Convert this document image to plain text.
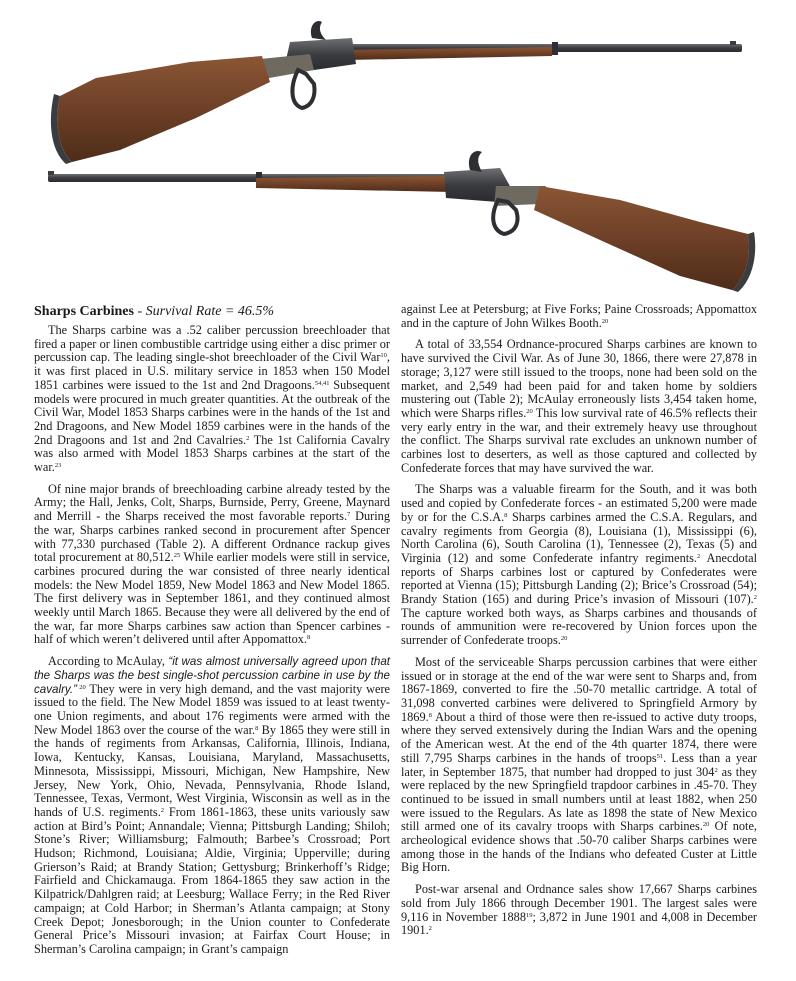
Sharps Carbines - Survival Rate = 46.5%

The Sharps carbine was a .52 caliber percussion breechloader that fired a paper or linen combustible cartridge using either a disc primer or percussion cap. The leading single-shot breechloader of the Civil War$^{10}$, it was first placed in U.S. military service in 1853 when 150 Model 1851 carbines were issued to the 1st and 2nd Dragoons.$^{54,41}$ Subsequent models were procured in much greater quantities. At the outbreak of the Civil War, Model 1853 Sharps carbines were in the hands of the 1st and 2nd Dragoons, and New Model 1859 carbines were in the hands of the 2nd Dragoons and 1st and 2nd Cavalries.$^2$ The 1st California Cavalry was also armed with Model 1853 Sharps carbines at the start of the war.$^{23}$

Of nine major brands of breechloading carbine already tested by the Army; the Hall, Jenks, Colt, Sharps, Burnside, Perry, Greene, Maynard and Merrill - the Sharps received the most favorable reports.$^7$ During the war, Sharps carbines ranked second in procurement after Spencer with 77,330 purchased (Table 2). A different Ordnance rackup gives total procurement at 80,512.25 While earlier models were still in service, carbines procured during the war consisted of three nearly identical models: the New Model 1859, New Model 1863 and New Model 1865. The first delivery was in September 1861, and they continued almost weekly until March 1865. Because they were all delivered by the end of the war, far more Sharps carbines saw action than Spencer carbines - half of which weren’t delivered until after Appomattox.$^8$

According to McAulay, “it was almost universally agreed upon that the Sharps was the best single-shot percussion carbine in use by the cavalry.” $^{20}$ They were in very high demand, and the vast majority were issued to the field. The New Model 1859 was issued to at least twenty-one Union regiments, and about 176 regiments were armed with the New Model 1863 over the course of the war.$^8$ By 1865 they were still in the hands of regiments from Arkansas, California, Illinois, Indiana, Iowa, Kentucky, Kansas, Louisiana, Maryland, Massachusetts, Minnesota, Mississippi, Missouri, Michigan, New Hampshire, New Jersey, New York, Ohio, Nevada, Pennsylvania, Rhode Island, Tennessee, Texas, Vermont, West Virginia, Wisconsin as well as in the hands of U.S. regiments.$^2$ From 1861-1863, these units variously saw action at Bird’s Point; Annandale; Vienna; Pittsburgh Landing; Shiloh; Stone’s River; Williamsburg; Falmouth; Barbee’s Crossroad; Port Hudson; Richmond, Louisiana; Aldie, Virginia; Upperville; during Grierson’s Raid; at Brandy Station; Gettysburg; Brinkerhoff’s Ridge; Fairfield and Chickamauga. From 1864-1865 they saw action in the Kilpatrick/Dahlgren raid; at Leesburg; Wallace Ferry; in the Red River campaign; at Cold Harbor; in Sherman’s Atlanta campaign; at Stony Creek Depot; Jonesborough; in the Union counter to Confederate General Price’s Missouri invasion; at Fairfax Court House; in Sherman’s Carolina campaign; in Grant’s campaign

against Lee at Petersburg; at Five Forks; Paine Crossroads; Appomattox and in the capture of John Wilkes Booth.$^{20}$

A total of 33,554 Ordnance-procured Sharps carbines are known to have survived the Civil War. As of June 30, 1866, there were 27,878 in storage; 3,127 were still issued to the troops, none had been sold on the market, and 2,549 had been paid for and taken home by soldiers mustering out (Table 2); McAulay erroneously lists 3,454 taken home, which were Sharps rifles.$^{20}$ This low survival rate of 46.5% reflects their very early entry in the war, and their extremely heavy use throughout the conflict. The Sharps survival rate excludes an unknown number of carbines lost to deserters, as well as those captured and collected by Confederate forces that may have survived the war.

The Sharps was a valuable firearm for the South, and it was both used and copied by Confederate forces - an estimated 5,200 were made by or for the C.S.A.$^8$ Sharps carbines armed the C.S.A. Regulars, and cavalry regiments from Georgia (8), Louisiana (1), Mississippi (6), North Carolina (6), South Carolina (1), Tennessee (2), Texas (5) and Virginia (12) and some Confederate infantry regiments.$^2$ Anecdotal reports of Sharps carbines lost or captured by Confederates were reported at Vienna (15); Pittsburgh Landing (2); Brice’s Crossroad (54); Brandy Station (165) and during Price’s invasion of Missouri (107).$^2$ The capture worked both ways, as Sharps carbines and thousands of rounds of ammunition were re-recovered by Union forces upon the surrender of Confederate troops.$^{20}$

Most of the serviceable Sharps percussion carbines that were either issued or in storage at the end of the war were sent to Sharps and, from 1867-1869, converted to fire the .50-70 metallic cartridge. A total of 31,098 converted carbines were delivered to Springfield Armory by 1869.$^8$ About a third of those were then re-issued to active duty troops, where they served extensively during the Indian Wars and the opening of the American west. At the end of the 4th quarter 1874, there were still 7,795 Sharps carbines in the hands of troops$^{51}$. Less than a year later, in September 1875, that number had dropped to just $304^2$ as they were replaced by the new Springfield trapdoor carbines in .45-70. They continued to be issued in small numbers until at least 1882, when 250 were issued to the Regulars. As late as 1898 the state of New Mexico still armed one of its cavalry troops with Sharps carbines.$^{20}$ Of note, archeological evidence shows that .50-70 caliber Sharps carbines were among those in the hands of the Indians who defeated Custer at Little Big Horn.

Post-war arsenal and Ordnance sales show 17,667 Sharps carbines sold from July 1866 through December 1901. The largest sales were 9,116 in November 1888$^{19}$; 3,872 in June 1901 and 4,008 in December 1901.$^2$
